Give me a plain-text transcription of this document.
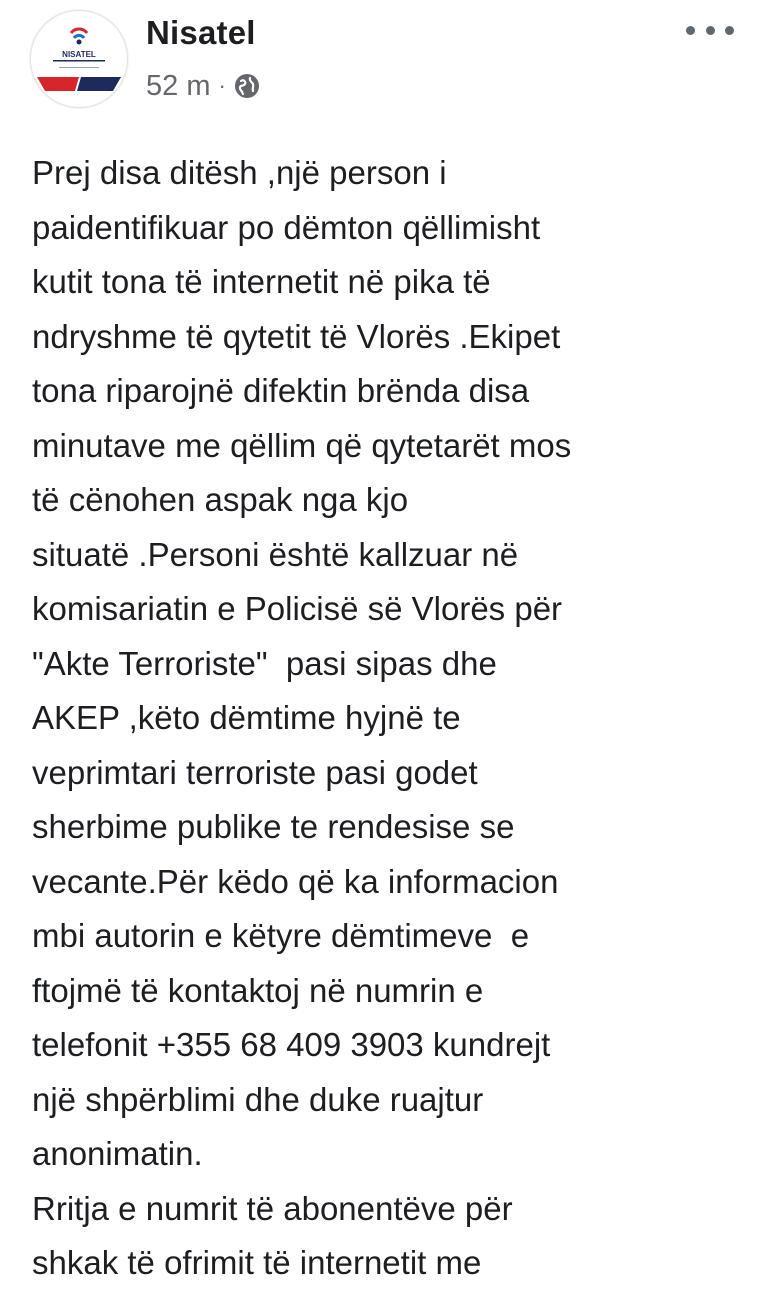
NISATEL
Nisatel
52 m ·
Prej disa ditësh ,një person i
paidentifikuar po dëmton qëllimisht
kutit tona të internetit në pika të
ndryshme të qytetit të Vlorës .Ekipet
tona riparojnë difektin brënda disa
minutave me qëllim që qytetarët mos
të cënohen aspak nga kjo
situatë .Personi është kallzuar në
komisariatin e Policisë së Vlorës për
"Akte Terroriste"  pasi sipas dhe
AKEP ,këto dëmtime hyjnë te
veprimtari terroriste pasi godet
sherbime publike te rendesise se
vecante.Për këdo që ka informacion
mbi autorin e këtyre dëmtimeve  e
ftojmë të kontaktoj në numrin e
telefonit +355 68 409 3903 kundrejt
një shpërblimi dhe duke ruajtur
anonimatin.
Rritja e numrit të abonentëve për
shkak të ofrimit të internetit me
